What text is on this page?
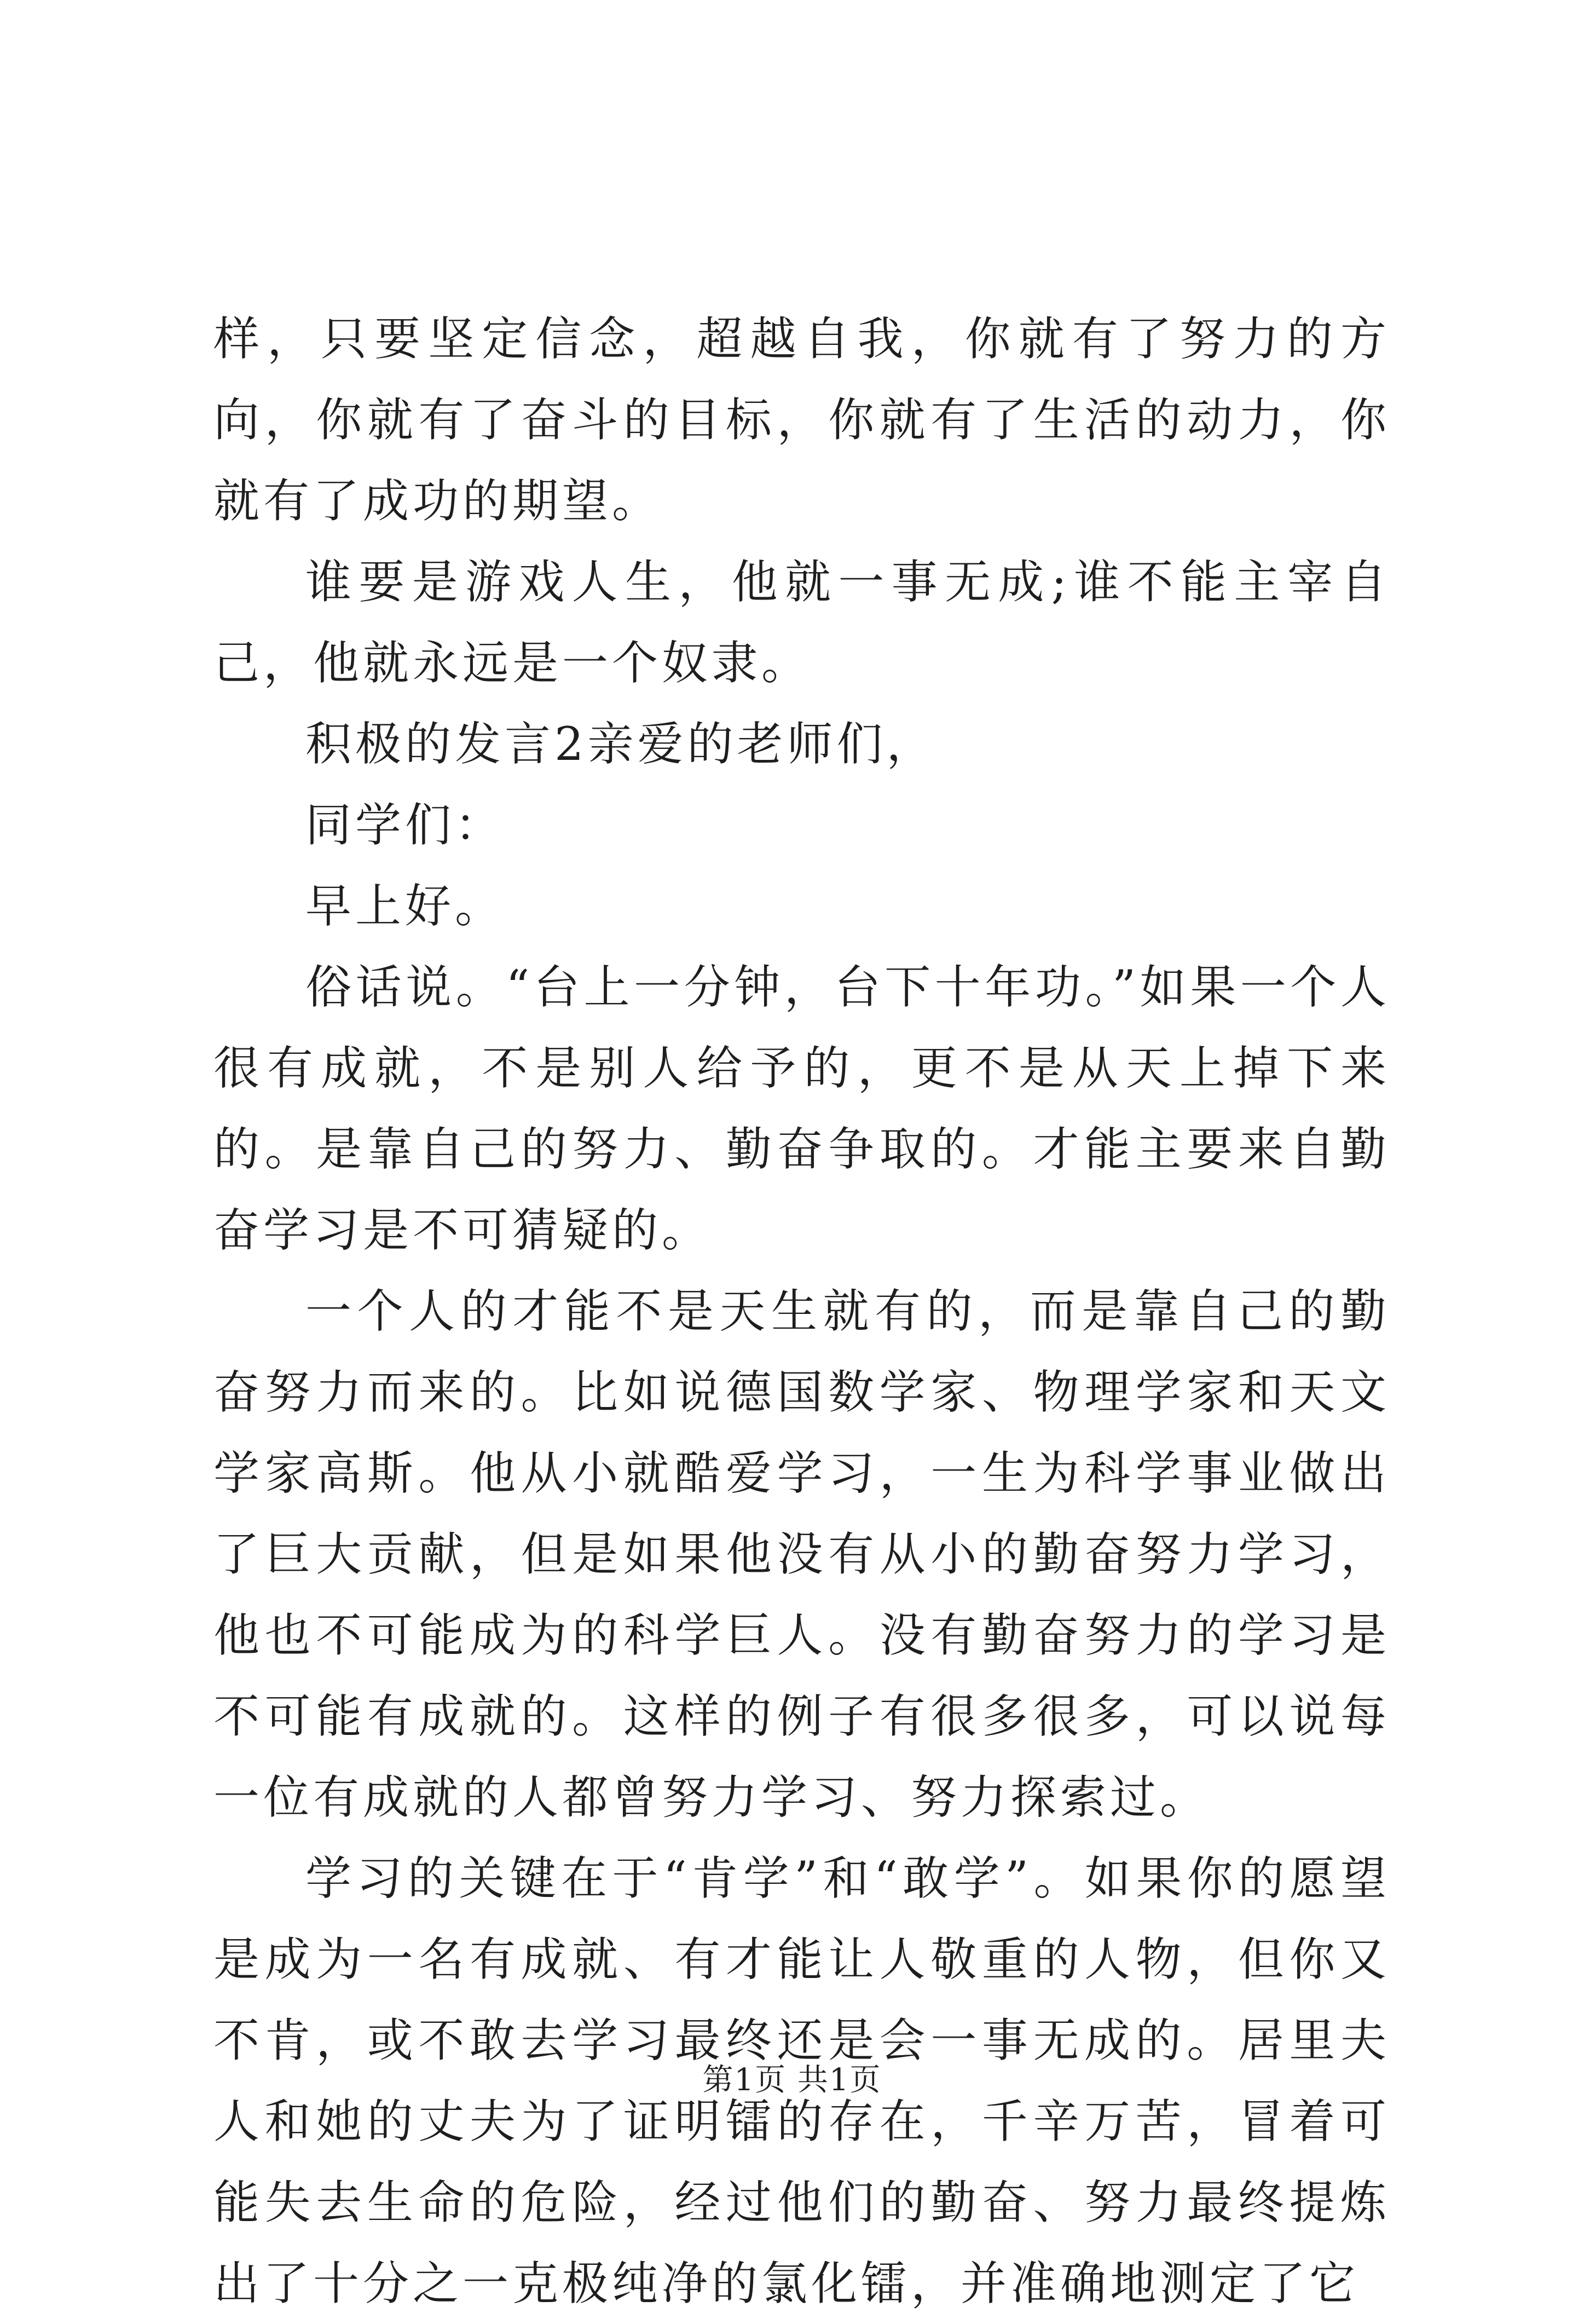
样，只要坚定信念，超越自我，你就有了努力的方向，你就有了奋斗的目标，你就有了生活的动力，你就有了成功的期望。

谁要是游戏人生，他就一事无成;谁不能主宰自己，他就永远是一个奴隶。

积极的发言2亲爱的老师们，

同学们：

早上好。

俗话说。“台上一分钟，台下十年功。”如果一个人很有成就，不是别人给予的，更不是从天上掉下来的。是靠自己的努力、勤奋争取的。才能主要来自勤奋学习是不可猜疑的。

一个人的才能不是天生就有的，而是靠自己的勤奋努力而来的。比如说德国数学家、物理学家和天文学家高斯。他从小就酷爱学习，一生为科学事业做出了巨大贡献，但是如果他没有从小的勤奋努力学习，他也不可能成为的科学巨人。没有勤奋努力的学习是不可能有成就的。这样的例子有很多很多，可以说每一位有成就的人都曾努力学习、努力探索过。

学习的关键在于“肯学”和“敢学”。如果你的愿望是成为一名有成就、有才能让人敬重的人物，但你又不肯，或不敢去学习最终还是会一事无成的。居里夫人和她的丈夫为了证明镭的存在，千辛万苦，冒着可能失去生命的危险，经过他们的勤奋、努力最终提炼出了十分之一克极纯净的氯化镭，并准确地测定了它

第1页 共1页
